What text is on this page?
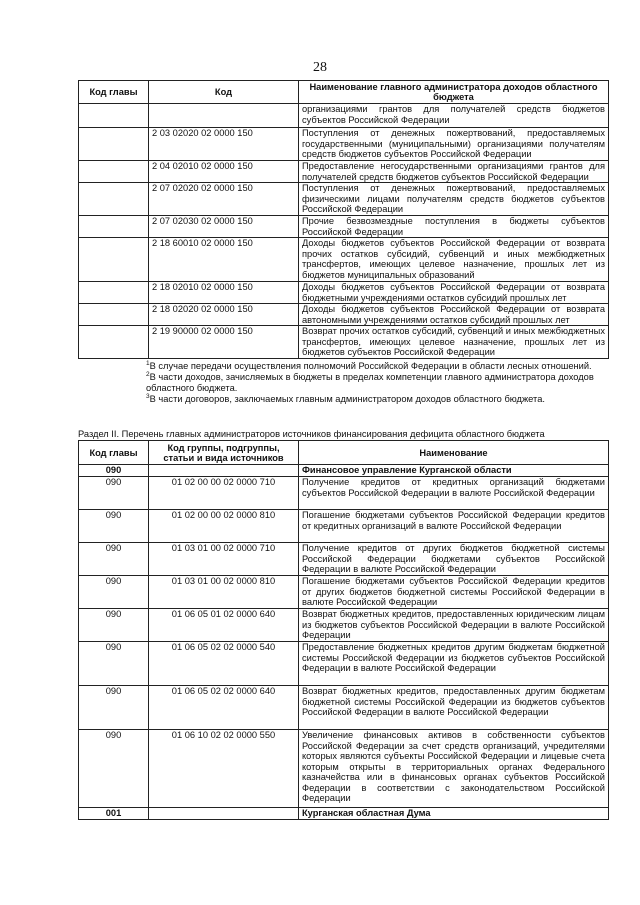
28
Код главы	Код	Наименование главного администратора доходов областного бюджета
		организациями грантов для получателей средств бюджетов субъектов Российской Федерации
	2 03 02020 02 0000 150	Поступления от денежных пожертвований, предоставляемых государственными (муниципальными) организациями получателям средств бюджетов субъектов Российской Федерации
	2 04 02010 02 0000 150	Предоставление негосударственными организациями грантов для получателей средств бюджетов субъектов Российской Федерации
	2 07 02020 02 0000 150	Поступления от денежных пожертвований, предоставляемых физическими лицами получателям средств бюджетов субъектов Российской Федерации
	2 07 02030 02 0000 150	Прочие безвозмездные поступления в бюджеты субъектов Российской Федерации
	2 18 60010 02 0000 150	Доходы бюджетов субъектов Российской Федерации от возврата прочих остатков субсидий, субвенций и иных межбюджетных трансфертов, имеющих целевое назначение, прошлых лет из бюджетов муниципальных образований
	2 18 02010 02 0000 150	Доходы бюджетов субъектов Российской Федерации от возврата бюджетными учреждениями остатков субсидий прошлых лет
	2 18 02020 02 0000 150	Доходы бюджетов субъектов Российской Федерации от возврата автономными учреждениями остатков субсидий прошлых лет
	2 19 90000 02 0000 150	Возврат прочих остатков субсидий, субвенций и иных межбюджетных трансфертов, имеющих целевое назначение, прошлых лет из бюджетов субъектов Российской Федерации
$^1$В случае передачи осуществления полномочий Российской Федерации в области лесных отношений.
$^2$В части доходов, зачисляемых в бюджеты в пределах компетенции главного администратора доходов областного бюджета.
$^3$В части договоров, заключаемых главным администратором доходов областного бюджета.
Раздел II. Перечень главных администраторов источников финансирования дефицита областного бюджета
Код главы	Код группы, подгруппы, статьи и вида источников	Наименование
090		Финансовое управление Курганской области
090	01 02 00 00 02 0000 710	Получение кредитов от кредитных организаций бюджетами субъектов Российской Федерации в валюте Российской Федерации
090	01 02 00 00 02 0000 810	Погашение бюджетами субъектов Российской Федерации кредитов от кредитных организаций в валюте Российской Федерации
090	01 03 01 00 02 0000 710	Получение кредитов от других бюджетов бюджетной системы Российской Федерации бюджетами субъектов Российской Федерации в валюте Российской Федерации
090	01 03 01 00 02 0000 810	Погашение бюджетами субъектов Российской Федерации кредитов от других бюджетов бюджетной системы Российской Федерации в валюте Российской Федерации
090	01 06 05 01 02 0000 640	Возврат бюджетных кредитов, предоставленных юридическим лицам из бюджетов субъектов Российской Федерации в валюте Российской Федерации
090	01 06 05 02 02 0000 540	Предоставление бюджетных кредитов другим бюджетам бюджетной системы Российской Федерации из бюджетов субъектов Российской Федерации в валюте Российской Федерации
090	01 06 05 02 02 0000 640	Возврат бюджетных кредитов, предоставленных другим бюджетам бюджетной системы Российской Федерации из бюджетов субъектов Российской Федерации в валюте Российской Федерации
090	01 06 10 02 02 0000 550	Увеличение финансовых активов в собственности субъектов Российской Федерации за счет средств организаций, учредителями которых являются субъекты Российской Федерации и лицевые счета которым открыты в территориальных органах Федерального казначейства или в финансовых органах субъектов Российской Федерации в соответствии с законодательством Российской Федерации
001		Курганская областная Дума
